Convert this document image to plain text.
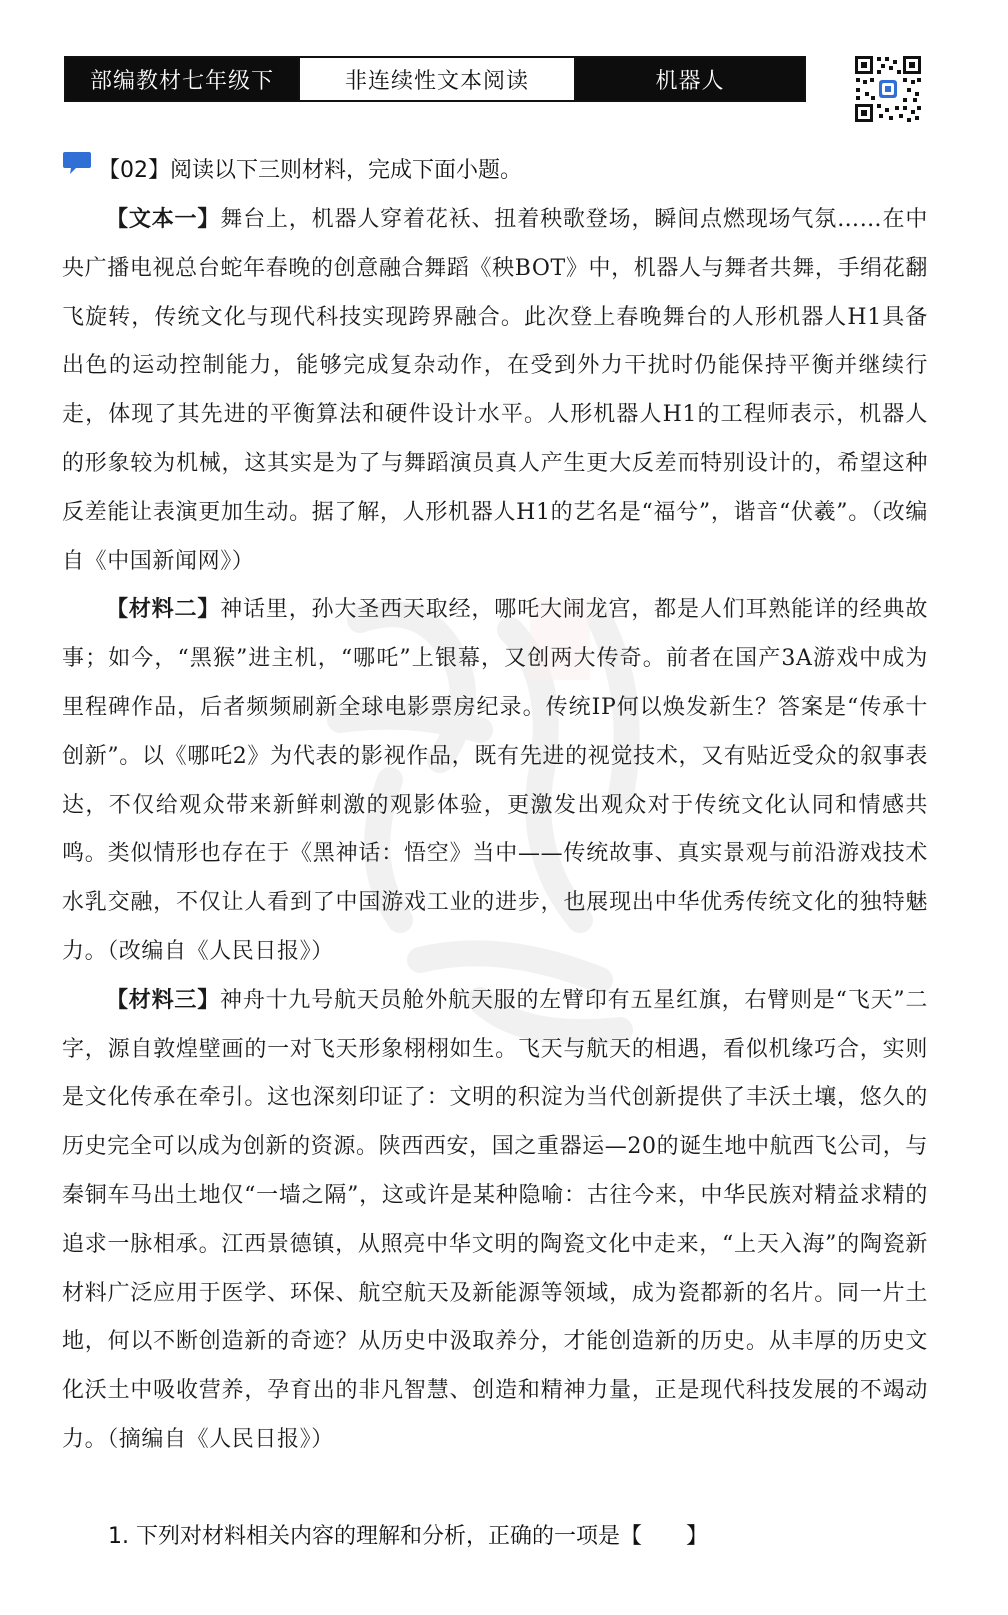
部编教材七年级下	非连续性文本阅读	机器人
【02】阅读以下三则材料，完成下面小题。

【文本一】舞台上，机器人穿着花袄、扭着秧歌登场，瞬间点燃现场气氛……在中央广播电视总台蛇年春晚的创意融合舞蹈《秧BOT》中，机器人与舞者共舞，手绢花翻飞旋转，传统文化与现代科技实现跨界融合。此次登上春晚舞台的人形机器人H1具备出色的运动控制能力，能够完成复杂动作，在受到外力干扰时仍能保持平衡并继续行走，体现了其先进的平衡算法和硬件设计水平。人形机器人H1的工程师表示，机器人的形象较为机械，这其实是为了与舞蹈演员真人产生更大反差而特别设计的，希望这种反差能让表演更加生动。据了解，人形机器人H1的艺名是“福兮”，谐音“伏羲”。（改编自《中国新闻网》）

【材料二】神话里，孙大圣西天取经，哪吒大闹龙宫，都是人们耳熟能详的经典故事；如今，“黑猴”进主机，“哪吒”上银幕，又创两大传奇。前者在国产3A游戏中成为里程碑作品，后者频频刷新全球电影票房纪录。传统IP何以焕发新生？答案是“传承十创新”。以《哪吒2》为代表的影视作品，既有先进的视觉技术，又有贴近受众的叙事表达，不仅给观众带来新鲜刺激的观影体验，更激发出观众对于传统文化认同和情感共鸣。类似情形也存在于《黑神话：悟空》当中——传统故事、真实景观与前沿游戏技术水乳交融，不仅让人看到了中国游戏工业的进步，也展现出中华优秀传统文化的独特魅力。（改编自《人民日报》）

【材料三】神舟十九号航天员舱外航天服的左臂印有五星红旗，右臂则是“飞天”二字，源自敦煌壁画的一对飞天形象栩栩如生。飞天与航天的相遇，看似机缘巧合，实则是文化传承在牵引。这也深刻印证了：文明的积淀为当代创新提供了丰沃土壤，悠久的历史完全可以成为创新的资源。陕西西安，国之重器运—20的诞生地中航西飞公司，与秦铜车马出土地仅“一墙之隔”，这或许是某种隐喻：古往今来，中华民族对精益求精的追求一脉相承。江西景德镇，从照亮中华文明的陶瓷文化中走来，“上天入海”的陶瓷新材料广泛应用于医学、环保、航空航天及新能源等领域，成为瓷都新的名片。同一片土地，何以不断创造新的奇迹？从历史中汲取养分，才能创造新的历史。从丰厚的历史文化沃土中吸收营养，孕育出的非凡智慧、创造和精神力量，正是现代科技发展的不竭动力。（摘编自《人民日报》）

1. 下列对材料相关内容的理解和分析，正确的一项是【　　】
